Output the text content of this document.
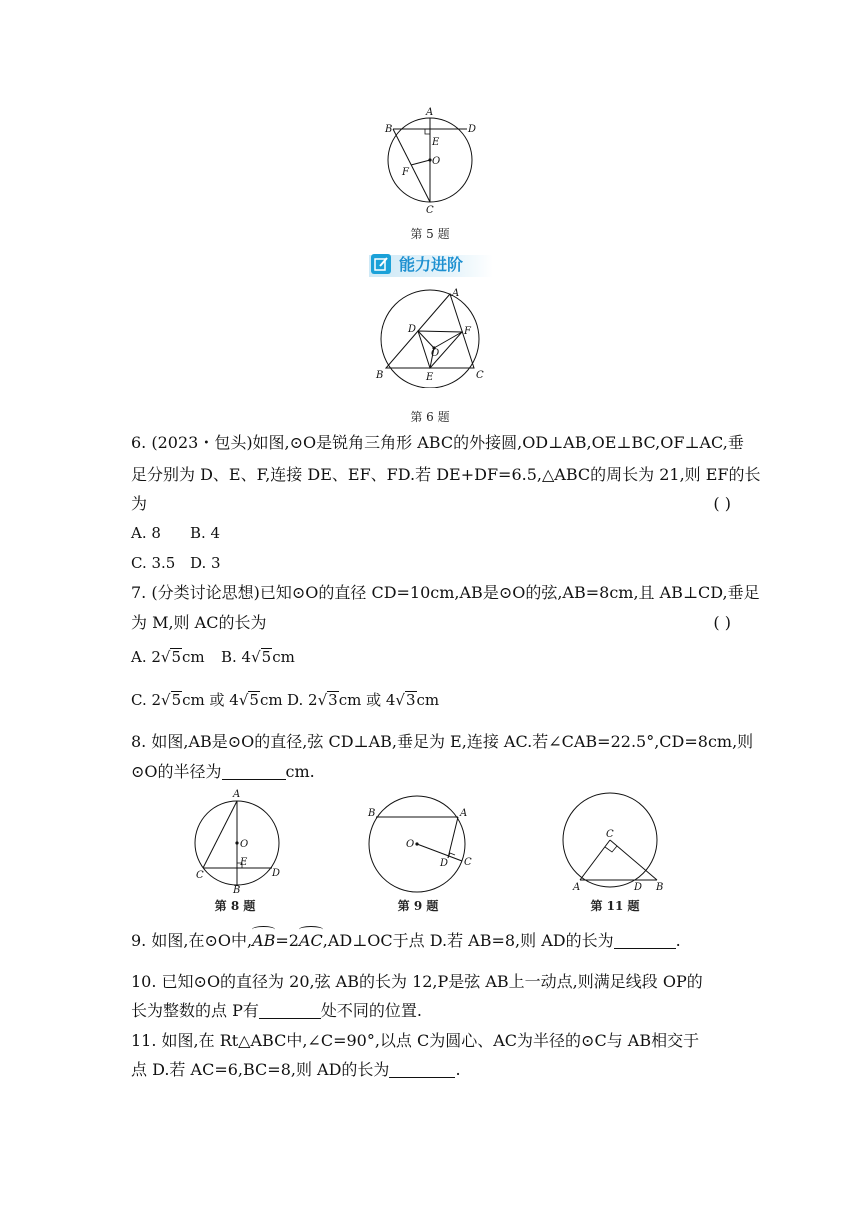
A
B	D
E
O
F
C
第 5 题
能力进阶
A
D	F
O
B	E	C
第 6 题
6. (2023・包头)如图,⊙O是锐角三角形 ABC的外接圆,OD⊥AB,OE⊥BC,OF⊥AC,垂
足分别为 D、E、F,连接 DE、EF、FD.若 DE+DF=6.5,△ABC的周长为 21,则 EF的长
为	( )
A. 8 B. 4
C. 3.5 D. 3
7. (分类讨论思想)已知⊙O的直径 CD=10cm,AB是⊙O的弦,AB=8cm,且 AB⊥CD,垂足
为 M,则 AC的长为	( )
A. 2√5cm B. 4√5cm
C. 2√5cm 或 4√5cm D. 2√3cm 或 4√3cm
8. 如图,AB是⊙O的直径,弦 CD⊥AB,垂足为 E,连接 AC.若∠CAB=22.5°,CD=8cm,则
⊙O的半径为	cm.
A
O
E
C	D
B
第 8 题
B	A
O
D C
第 9 题
C
A	D B
第 11 题
9. 如图,在⊙O中,AB=2AC,AD⊥OC于点 D.若 AB=8,则 AD的长为	.
10. 已知⊙O的直径为 20,弦 AB的长为 12,P是弦 AB上一动点,则满足线段 OP的
长为整数的点 P有	处不同的位置.
11. 如图,在 Rt△ABC中,∠C=90°,以点 C为圆心、AC为半径的⊙C与 AB相交于
点 D.若 AC=6,BC=8,则 AD的长为	.
